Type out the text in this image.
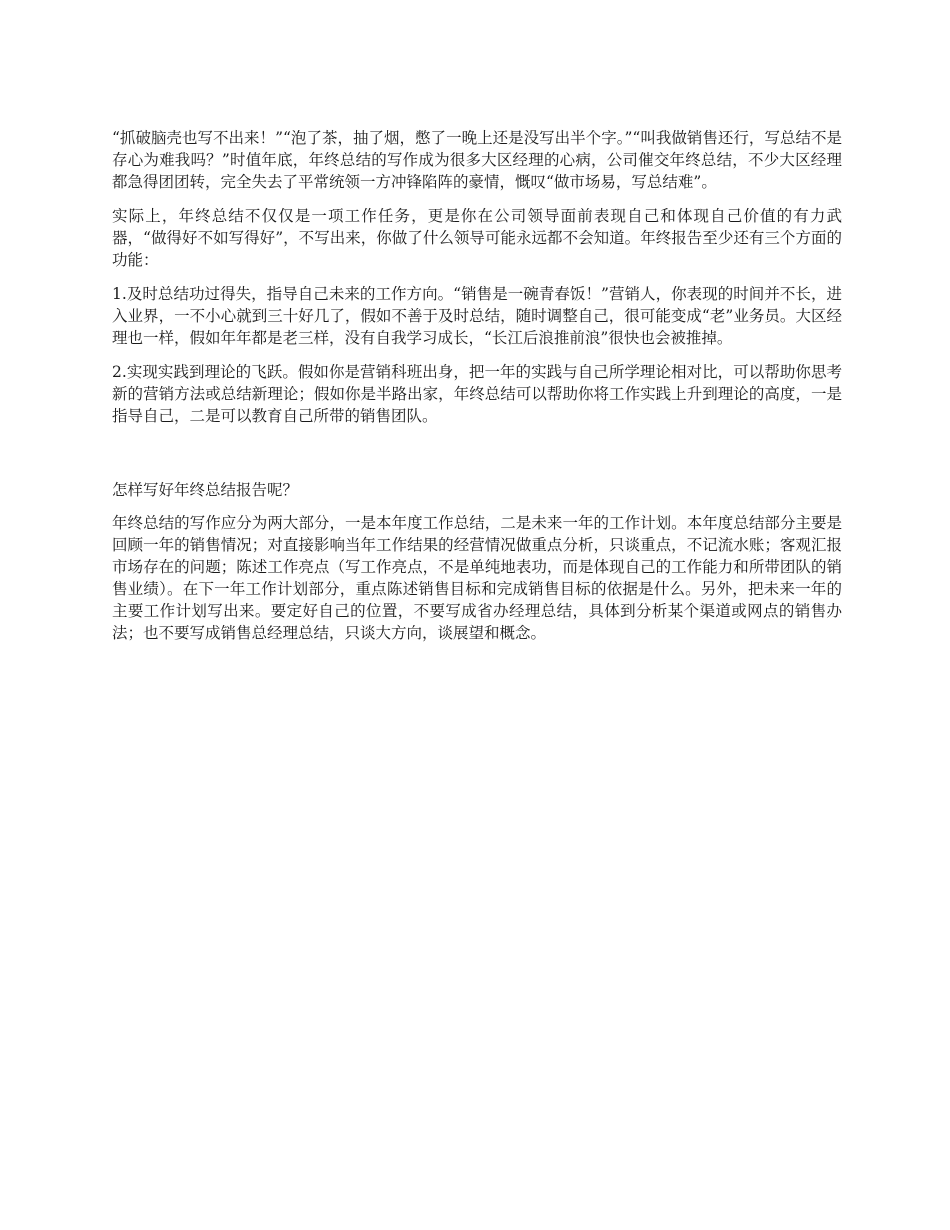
“抓破脑壳也写不出来！”“泡了茶，抽了烟，憋了一晚上还是没写出半个字。”“叫我做销售还行，写总结不是存心为难我吗？”时值年底，年终总结的写作成为很多大区经理的心病，公司催交年终总结，不少大区经理都急得团团转，完全失去了平常统领一方冲锋陷阵的豪情，慨叹“做市场易，写总结难”。

实际上，年终总结不仅仅是一项工作任务，更是你在公司领导面前表现自己和体现自己价值的有力武器，“做得好不如写得好”，不写出来，你做了什么领导可能永远都不会知道。年终报告至少还有三个方面的功能：

1.及时总结功过得失，指导自己未来的工作方向。“销售是一碗青春饭！”营销人，你表现的时间并不长，进入业界，一不小心就到三十好几了，假如不善于及时总结，随时调整自己，很可能变成“老”业务员。大区经理也一样，假如年年都是老三样，没有自我学习成长，“长江后浪推前浪”很快也会被推掉。

2.实现实践到理论的飞跃。假如你是营销科班出身，把一年的实践与自己所学理论相对比，可以帮助你思考新的营销方法或总结新理论；假如你是半路出家，年终总结可以帮助你将工作实践上升到理论的高度，一是指导自己，二是可以教育自己所带的销售团队。

怎样写好年终总结报告呢？

年终总结的写作应分为两大部分，一是本年度工作总结，二是未来一年的工作计划。本年度总结部分主要是回顾一年的销售情况；对直接影响当年工作结果的经营情况做重点分析，只谈重点，不记流水账；客观汇报市场存在的问题；陈述工作亮点（写工作亮点，不是单纯地表功，而是体现自己的工作能力和所带团队的销售业绩）。在下一年工作计划部分，重点陈述销售目标和完成销售目标的依据是什么。另外，把未来一年的主要工作计划写出来。要定好自己的位置，不要写成省办经理总结，具体到分析某个渠道或网点的销售办法；也不要写成销售总经理总结，只谈大方向，谈展望和概念。
